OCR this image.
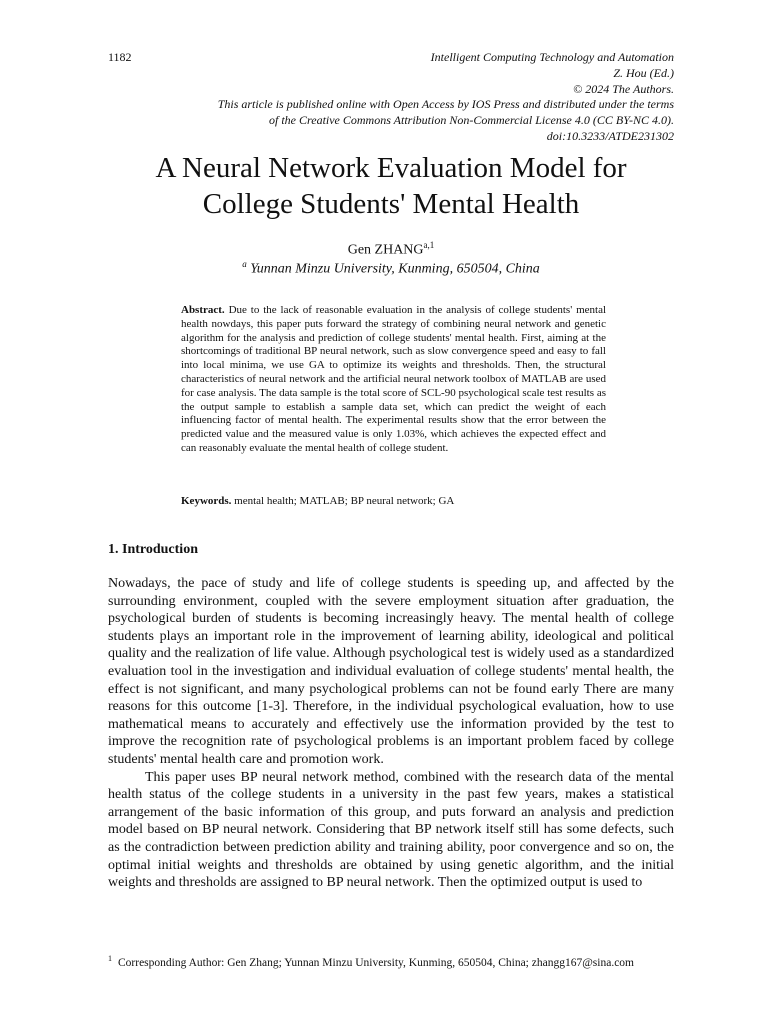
1182	Intelligent Computing Technology and Automation
Z. Hou (Ed.)
© 2024 The Authors.
This article is published online with Open Access by IOS Press and distributed under the terms
of the Creative Commons Attribution Non-Commercial License 4.0 (CC BY-NC 4.0).
doi:10.3233/ATDE231302
A Neural Network Evaluation Model for
College Students' Mental Health
Gen ZHANG$^{a,1}$
$^a$ Yunnan Minzu University, Kunming, 650504, China

Abstract. Due to the lack of reasonable evaluation in the analysis of college students' mental health nowdays, this paper puts forward the strategy of combining neural network and genetic algorithm for the analysis and prediction of college students' mental health. First, aiming at the shortcomings of traditional BP neural network, such as slow convergence speed and easy to fall into local minima, we use GA to optimize its weights and thresholds. Then, the structural characteristics of neural network and the artificial neural network toolbox of MATLAB are used for case analysis. The data sample is the total score of SCL-90 psychological scale test results as the output sample to establish a sample data set, which can predict the weight of each influencing factor of mental health. The experimental results show that the error between the predicted value and the measured value is only 1.03%, which achieves the expected effect and can reasonably evaluate the mental health of college student.

Keywords. mental health; MATLAB; BP neural network; GA

1. Introduction

Nowadays, the pace of study and life of college students is speeding up, and affected by the surrounding environment, coupled with the severe employment situation after graduation, the psychological burden of students is becoming increasingly heavy. The mental health of college students plays an important role in the improvement of learning ability, ideological and political quality and the realization of life value. Although psychological test is widely used as a standardized evaluation tool in the investigation and individual evaluation of college students' mental health, the effect is not significant, and many psychological problems can not be found early There are many reasons for this outcome [1-3]. Therefore, in the individual psychological evaluation, how to use mathematical means to accurately and effectively use the information provided by the test to improve the recognition rate of psychological problems is an important problem faced by college students' mental health care and promotion work.

This paper uses BP neural network method, combined with the research data of the mental health status of the college students in a university in the past few years, makes a statistical arrangement of the basic information of this group, and puts forward an analysis and prediction model based on BP neural network. Considering that BP network itself still has some defects, such as the contradiction between prediction ability and training ability, poor convergence and so on, the optimal initial weights and thresholds are obtained by using genetic algorithm, and the initial weights and thresholds are assigned to BP neural network. Then the optimized output is used to

$^1$ Corresponding Author: Gen Zhang; Yunnan Minzu University, Kunming, 650504, China; zhangg167@sina.com
